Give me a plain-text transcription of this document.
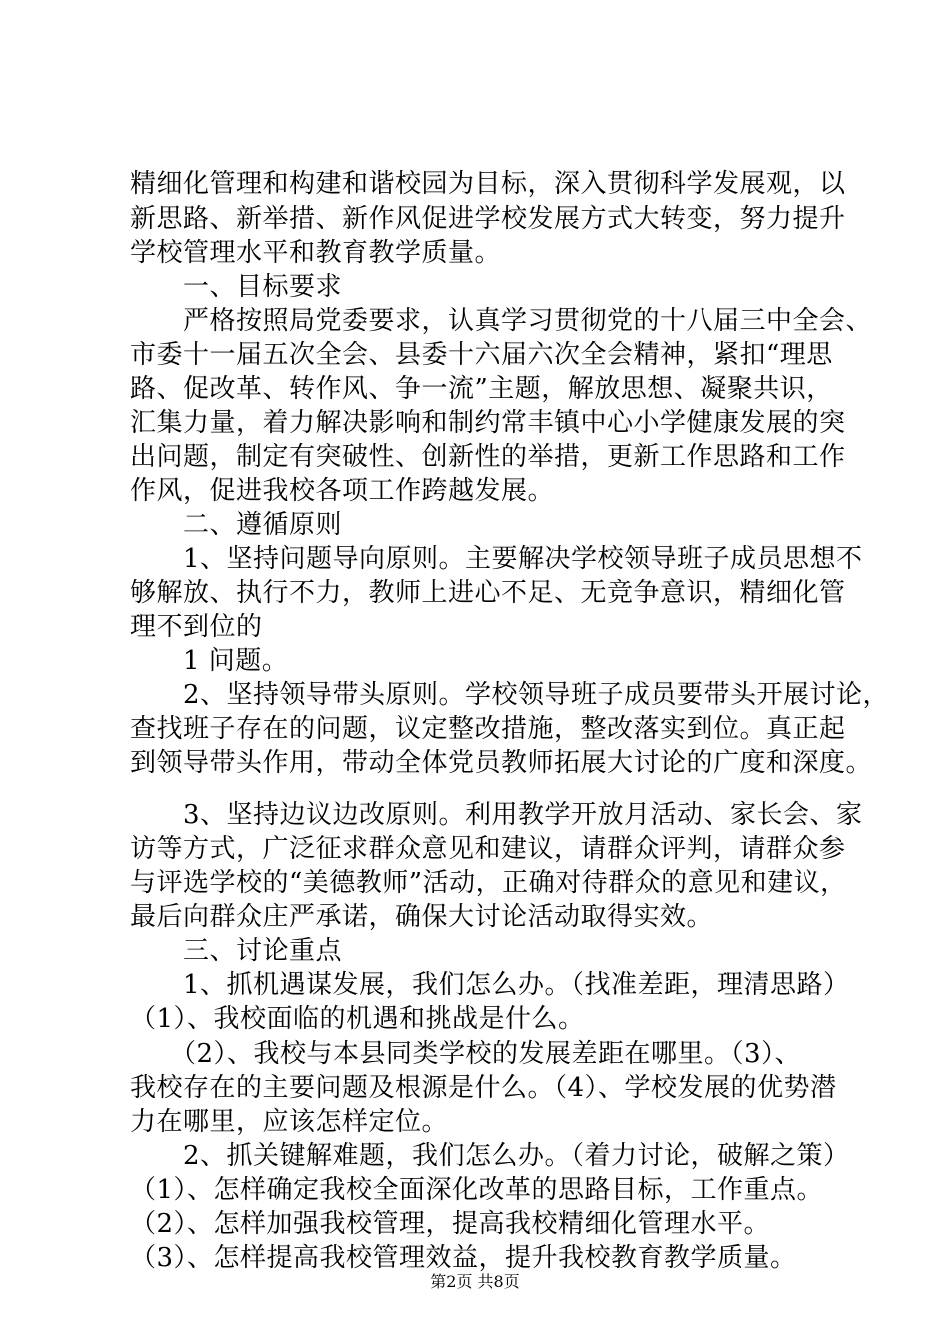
精细化管理和构建和谐校园为目标，深入贯彻科学发展观，以
新思路、新举措、新作风促进学校发展方式大转变，努力提升
学校管理水平和教育教学质量。
　　一、目标要求
　　严格按照局党委要求，认真学习贯彻党的十八届三中全会、
市委十一届五次全会、县委十六届六次全会精神，紧扣“理思
路、促改革、转作风、争一流”主题，解放思想、凝聚共识，
汇集力量，着力解决影响和制约常丰镇中心小学健康发展的突
出问题，制定有突破性、创新性的举措，更新工作思路和工作
作风，促进我校各项工作跨越发展。
　　二、遵循原则
　　1、坚持问题导向原则。主要解决学校领导班子成员思想不
够解放、执行不力，教师上进心不足、无竞争意识，精细化管
理不到位的
　　1 问题。
　　2、坚持领导带头原则。学校领导班子成员要带头开展讨论，
查找班子存在的问题，议定整改措施，整改落实到位。真正起
到领导带头作用，带动全体党员教师拓展大讨论的广度和深度。
　　3、坚持边议边改原则。利用教学开放月活动、家长会、家
访等方式，广泛征求群众意见和建议，请群众评判，请群众参
与评选学校的“美德教师”活动，正确对待群众的意见和建议，
最后向群众庄严承诺，确保大讨论活动取得实效。
　　三、讨论重点
　　1、抓机遇谋发展，我们怎么办。（找准差距，理清思路）
（1）、我校面临的机遇和挑战是什么。
　　（2）、我校与本县同类学校的发展差距在哪里。（3）、
我校存在的主要问题及根源是什么。（4）、学校发展的优势潜
力在哪里，应该怎样定位。
　　2、抓关键解难题，我们怎么办。（着力讨论，破解之策）
（1）、怎样确定我校全面深化改革的思路目标，工作重点。
（2）、怎样加强我校管理，提高我校精细化管理水平。
（3）、怎样提高我校管理效益，提升我校教育教学质量。
第2页 共8页
